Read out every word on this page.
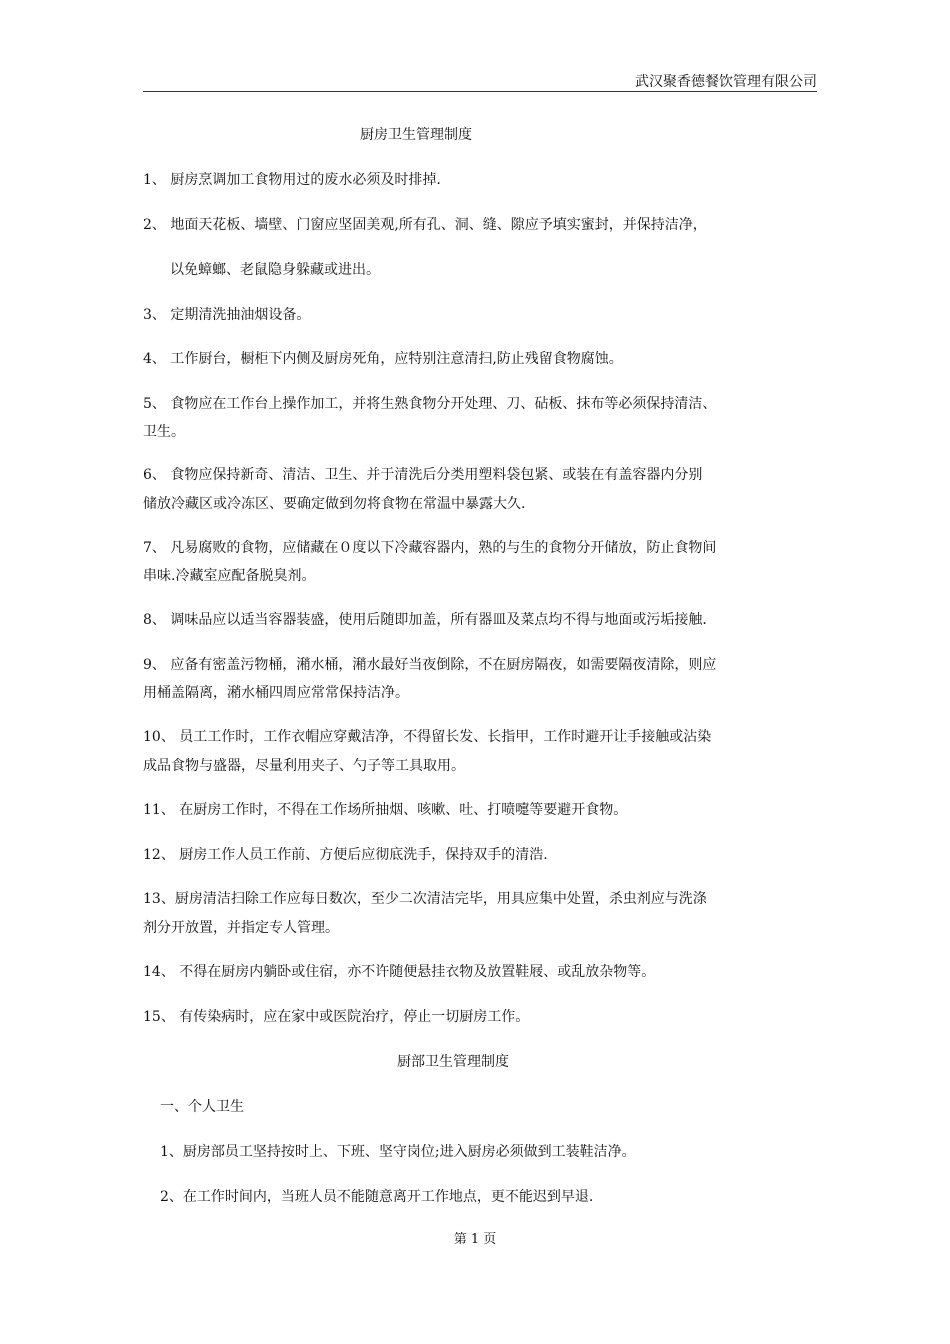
武汉聚香德餐饮管理有限公司
厨房卫生管理制度
1、 厨房烹调加工食物用过的废水必须及时排掉.
2、 地面天花板、墙壁、门窗应坚固美观,所有孔、洞、缝、隙应予填实蜜封，并保持洁净，
以免蟑螂、老鼠隐身躲藏或进出。
3、 定期清洗抽油烟设备。
4、 工作厨台，橱柜下内侧及厨房死角，应特别注意清扫,防止残留食物腐蚀。
5、 食物应在工作台上操作加工，并将生熟食物分开处理、刀、砧板、抹布等必须保持清洁、
卫生。
6、 食物应保持新奇、清洁、卫生、并于清洗后分类用塑料袋包紧、或装在有盖容器内分别
储放冷藏区或冷冻区、要确定做到勿将食物在常温中暴露大久.
7、 凡易腐败的食物，应储藏在０度以下冷藏容器内，熟的与生的食物分开储放，防止食物间
串味.冷藏室应配备脱臭剂。
8、 调味品应以适当容器装盛，使用后随即加盖，所有器皿及菜点均不得与地面或污垢接触.
9、 应备有密盖污物桶，潲水桶，潲水最好当夜倒除，不在厨房隔夜，如需要隔夜清除，则应
用桶盖隔离，潲水桶四周应常常保持洁净。
10、 员工工作时，工作衣帽应穿戴洁净，不得留长发、长指甲，工作时避开让手接触或沾染
成品食物与盛器，尽量利用夹子、勺子等工具取用。
11、 在厨房工作时，不得在工作场所抽烟、咳嗽、吐、打喷嚏等要避开食物。
12、 厨房工作人员工作前、方便后应彻底洗手，保持双手的清浩.
13、厨房清洁扫除工作应每日数次，至少二次清洁完毕，用具应集中处置，杀虫剂应与洗涤
剂分开放置，并指定专人管理。
14、 不得在厨房内躺卧或住宿，亦不许随便悬挂衣物及放置鞋屐、或乱放杂物等。
15、 有传染病时，应在家中或医院治疗，停止一切厨房工作。
厨部卫生管理制度
一、个人卫生
1、厨房部员工坚持按时上、下班、坚守岗位;进入厨房必须做到工装鞋洁净。
2、在工作时间内，当班人员不能随意离开工作地点，更不能迟到早退.
第 1 页
